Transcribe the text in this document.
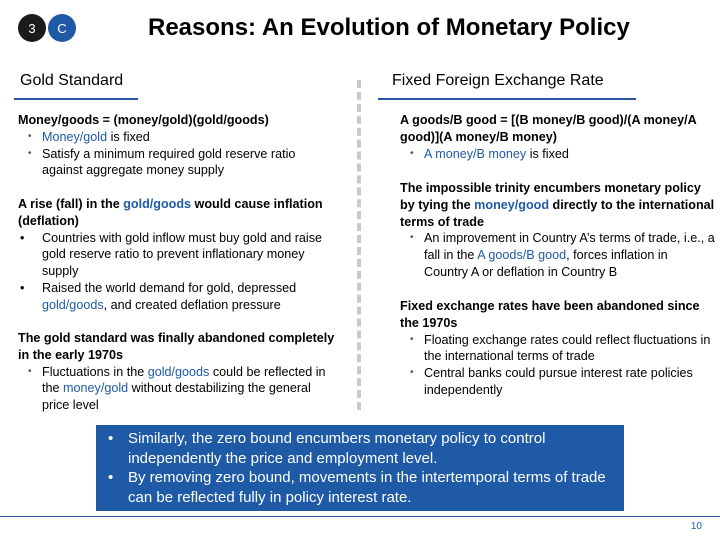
3	C	Reasons: An Evolution of Monetary Policy
Gold Standard	Fixed Foreign Exchange Rate

Money/goods = (money/gold)(gold/goods)

• Money/gold is fixed
• Satisfy a minimum required gold reserve ratio against aggregate money supply

A rise (fall) in the gold/goods would cause inflation (deflation)

• Countries with gold inflow must buy gold and raise gold reserve ratio to prevent inflationary money supply
• Raised the world demand for gold, depressed gold/goods, and created deflation pressure

The gold standard was finally abandoned completely in the early 1970s

• Fluctuations in the gold/goods could be reflected in the money/gold without destabilizing the general price level

A goods/B good = [(B money/B good)/(A money/A good)](A money/B money)

• A money/B money is fixed

The impossible trinity encumbers monetary policy by tying the money/good directly to the international terms of trade

• An improvement in Country A’s terms of trade, i.e., a fall in the A goods/B good, forces inflation in Country A or deflation in Country B

Fixed exchange rates have been abandoned since the 1970s

• Floating exchange rates could reflect fluctuations in the international terms of trade
• Central banks could pursue interest rate policies independently
• Similarly, the zero bound encumbers monetary policy to control independently the price and employment level.
• By removing zero bound, movements in the intertemporal terms of trade can be reflected fully in policy interest rate.
10
